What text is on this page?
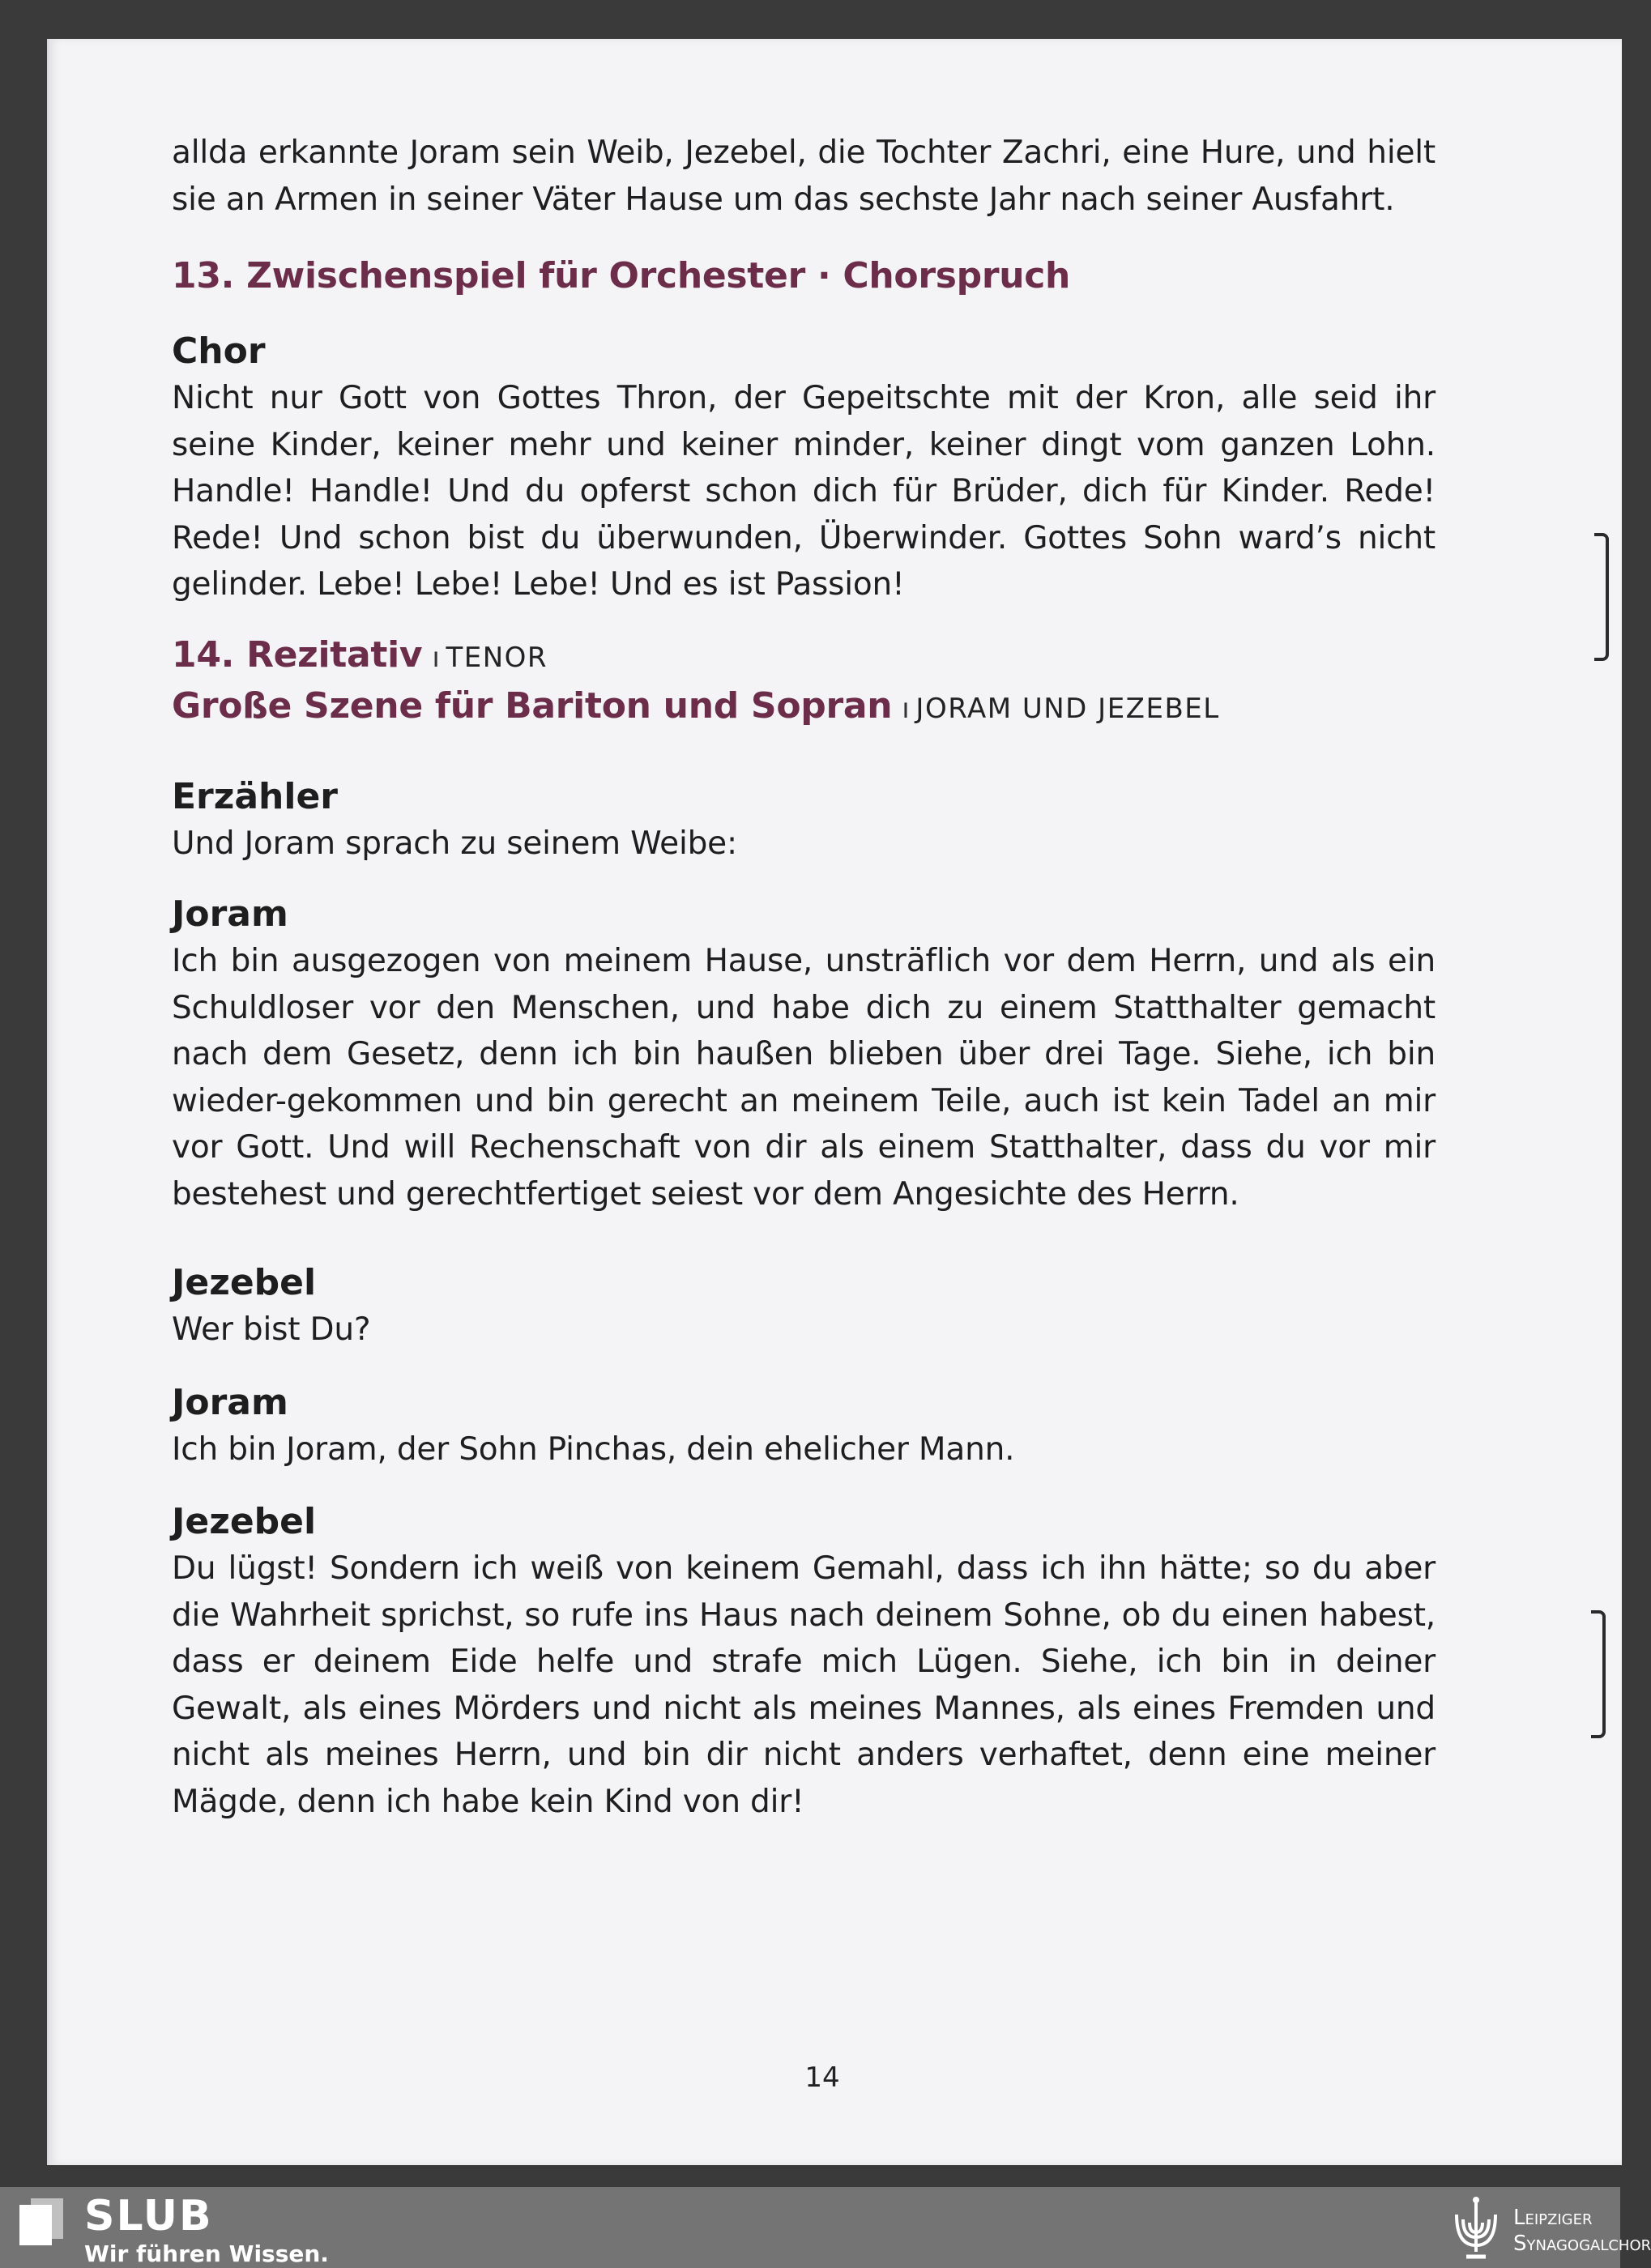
allda erkannte Joram sein Weib, Jezebel, die Tochter Zachri, eine Hure, und hielt sie an Armen in seiner Väter Hause um das sechste Jahr nach seiner Ausfahrt.

13. Zwischenspiel für Orchester · Chorspruch
Chor

Nicht nur Gott von Gottes Thron, der Gepeitschte mit der Kron, alle seid ihr seine Kinder, keiner mehr und keiner minder, keiner dingt vom ganzen Lohn. Handle! Handle! Und du opferst schon dich für Brüder, dich für Kinder. Rede! Rede! Und schon bist du überwunden, Überwinder. Gottes Sohn ward’s nicht gelinder. Lebe! Lebe! Lebe! Und es ist Passion!

14. Rezitativ ı TENOR
Große Szene für Bariton und Sopran ı JORAM UND JEZEBEL
Erzähler

Und Joram sprach zu seinem Weibe:

Joram

Ich bin ausgezogen von meinem Hause, unsträflich vor dem Herrn, und als ein Schuldloser vor den Menschen, und habe dich zu einem Statthalter gemacht nach dem Gesetz, denn ich bin haußen blieben über drei Tage. Siehe, ich bin wieder-gekommen und bin gerecht an meinem Teile, auch ist kein Tadel an mir vor Gott. Und will Rechenschaft von dir als einem Statthalter, dass du vor mir bestehest und gerechtfertiget seiest vor dem Angesichte des Herrn.

Jezebel

Wer bist Du?

Joram

Ich bin Joram, der Sohn Pinchas, dein ehelicher Mann.

Jezebel

Du lügst! Sondern ich weiß von keinem Gemahl, dass ich ihn hätte; so du aber die Wahrheit sprichst, so rufe ins Haus nach deinem Sohne, ob du einen habest, dass er deinem Eide helfe und strafe mich Lügen. Siehe, ich bin in deiner Gewalt, als eines Mörders und nicht als meines Mannes, als eines Fremden und nicht als meines Herrn, und bin dir nicht anders verhaftet, denn eine meiner Mägde, denn ich habe kein Kind von dir!

14
SLUB
Wir führen Wissen.
Leipziger
Synagogalchor
